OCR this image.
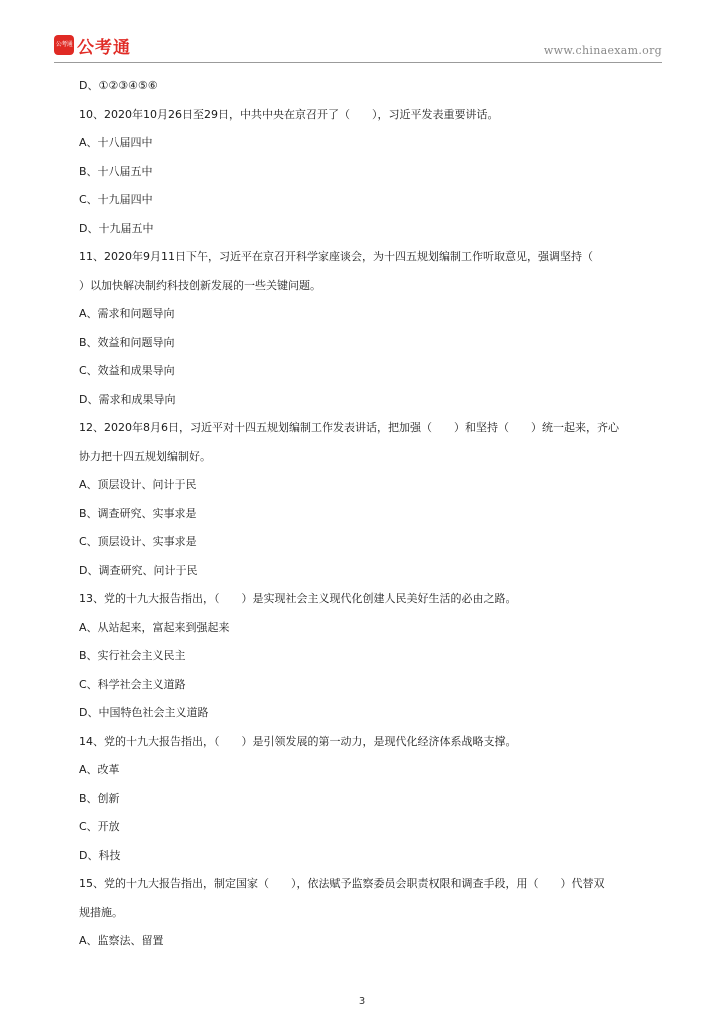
公考通 公考通	www.chinaexam.org

D、①②③④⑤⑥

10、2020年10月26日至29日，中共中央在京召开了（　　），习近平发表重要讲话。

A、十八届四中

B、十八届五中

C、十九届四中

D、十九届五中

11、2020年9月11日下午，习近平在京召开科学家座谈会，为十四五规划编制工作听取意见，强调坚持（

）以加快解决制约科技创新发展的一些关键问题。

A、需求和问题导向

B、效益和问题导向

C、效益和成果导向

D、需求和成果导向

12、2020年8月6日，习近平对十四五规划编制工作发表讲话，把加强（　　）和坚持（　　）统一起来，齐心

协力把十四五规划编制好。

A、顶层设计、问计于民

B、调查研究、实事求是

C、顶层设计、实事求是

D、调查研究、问计于民

13、党的十九大报告指出，（　　）是实现社会主义现代化创建人民美好生活的必由之路。

A、从站起来，富起来到强起来

B、实行社会主义民主

C、科学社会主义道路

D、中国特色社会主义道路

14、党的十九大报告指出，（　　）是引领发展的第一动力，是现代化经济体系战略支撑。

A、改革

B、创新

C、开放

D、科技

15、党的十九大报告指出，制定国家（　　），依法赋予监察委员会职责权限和调查手段，用（　　）代替双

规措施。

A、监察法、留置

3
